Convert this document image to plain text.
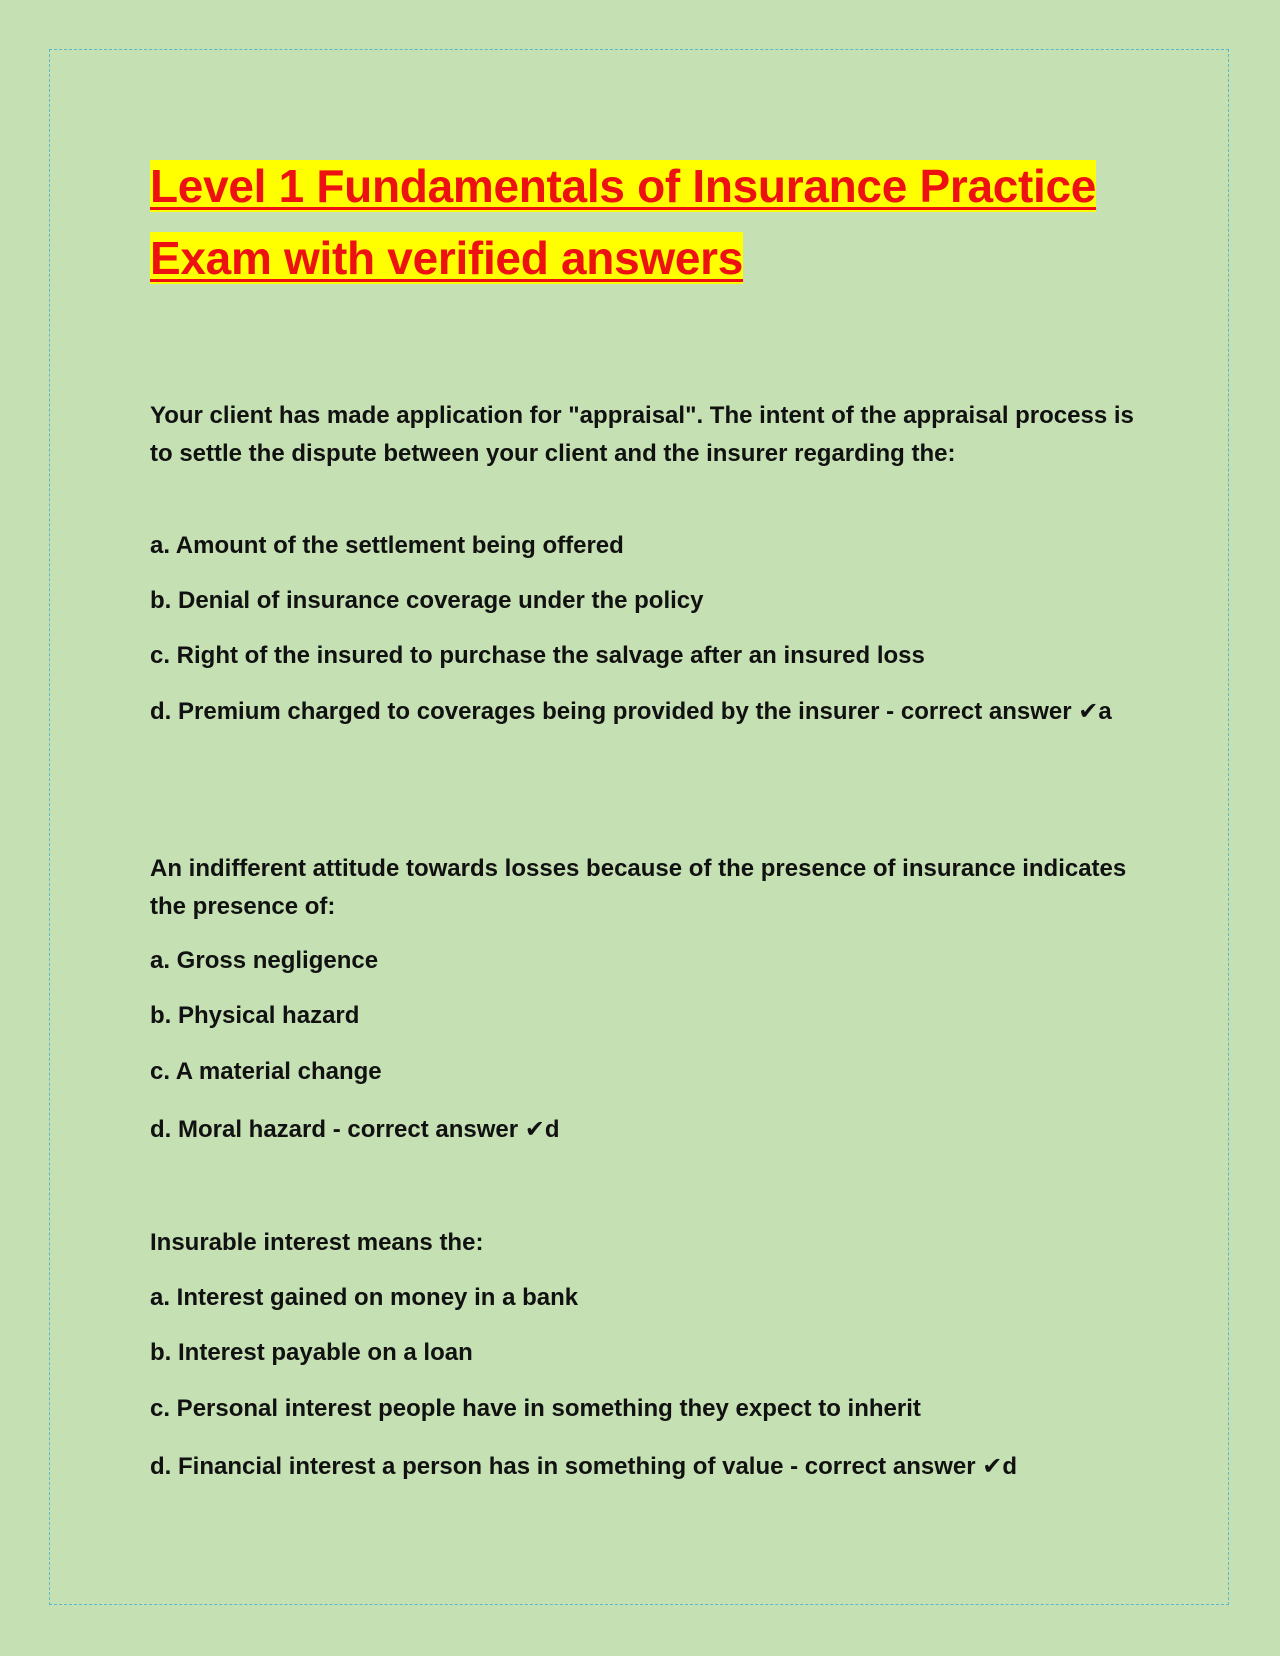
Level 1 Fundamentals of Insurance Practice
Exam with verified answers

Your client has made application for "appraisal". The intent of the appraisal process is to settle the dispute between your client and the insurer regarding the:

a. Amount of the settlement being offered

b. Denial of insurance coverage under the policy

c. Right of the insured to purchase the salvage after an insured loss

d. Premium charged to coverages being provided by the insurer - correct answer ✔a

An indifferent attitude towards losses because of the presence of insurance indicates the presence of:

a. Gross negligence

b. Physical hazard

c. A material change

d. Moral hazard - correct answer ✔d

Insurable interest means the:

a. Interest gained on money in a bank

b. Interest payable on a loan

c. Personal interest people have in something they expect to inherit

d. Financial interest a person has in something of value - correct answer ✔d
